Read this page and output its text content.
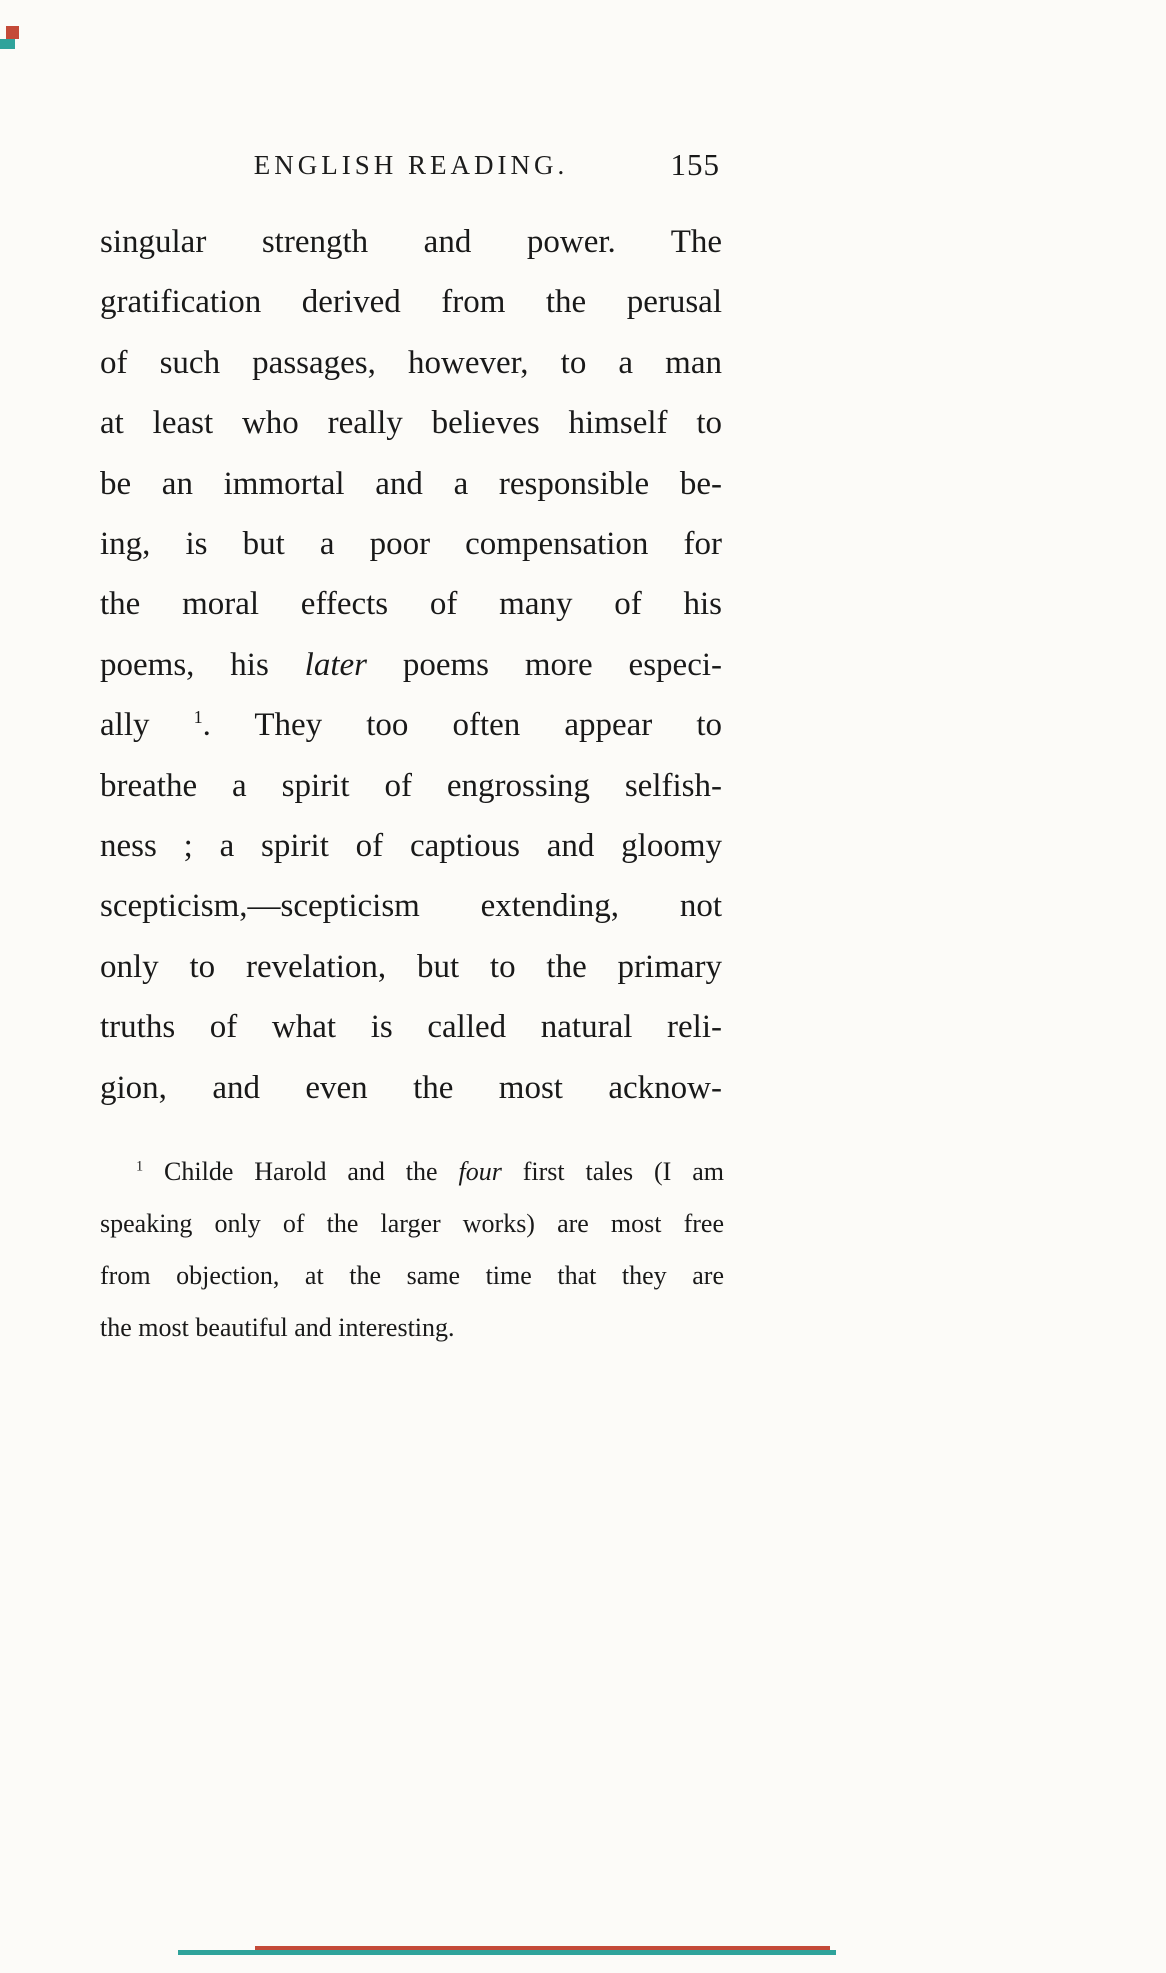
ENGLISH READING.	155
singular strength and power. The
gratification derived from the perusal
of such passages, however, to a man
at least who really believes himself to
be an immortal and a responsible be-
ing, is but a poor compensation for
the moral effects of many of his
poems, his later poems more especi-
ally $^1$. They too often appear to
breathe a spirit of engrossing selfish-
ness ; a spirit of captious and gloomy
scepticism,—scepticism extending, not
only to revelation, but to the primary
truths of what is called natural reli-
gion, and even the most acknow-
$^1$ Childe Harold and the four first tales (I am
speaking only of the larger works) are most free
from objection, at the same time that they are
the most beautiful and interesting.
